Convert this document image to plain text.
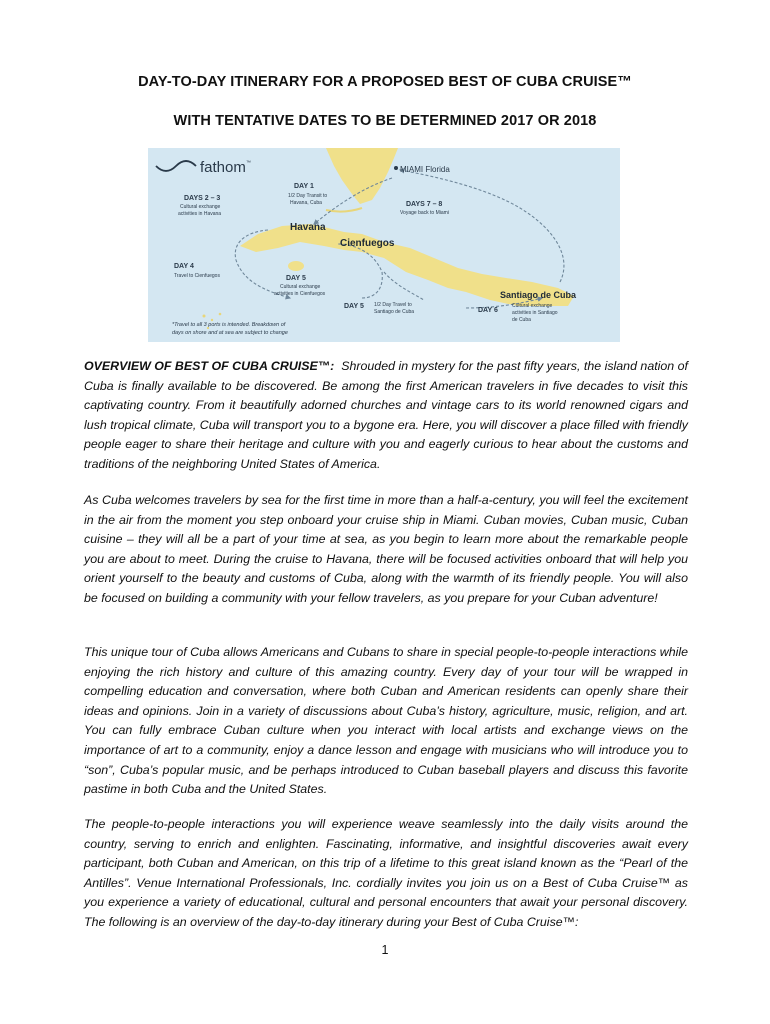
DAY-TO-DAY ITINERARY FOR A PROPOSED BEST OF CUBA CRUISE™
WITH TENTATIVE DATES TO BE DETERMINED 2017 OR 2018
fathom ™
MIAMI Florida
DAY 1
1/2 Day Transit to
Havana, Cuba
DAYS 2 – 3
Cultural exchange
activities in Havana
DAYS 7 – 8
Voyage back to Miami
Havana
Cienfuegos
Santiago de Cuba
DAY 4
Travel to Cienfuegos	DAY 5
Cultural exchange
activities in Cienfuegos
DAY 5 1/2 Day Travel to
Santiago de Cuba	DAY 6
Cultural exchange
activities in Santiago
de Cuba
*Travel to all 3 ports is intended. Breakdown of
days on shore and at sea are subject to change

OVERVIEW OF BEST OF CUBA CRUISE™: Shrouded in mystery for the past fifty years, the island nation of Cuba is finally available to be discovered. Be among the first American travelers in five decades to visit this captivating country. From it beautifully adorned churches and vintage cars to its world renowned cigars and lush tropical climate, Cuba will transport you to a bygone era. Here, you will discover a place filled with friendly people eager to share their heritage and culture with you and eagerly curious to hear about the customs and traditions of the neighboring United States of America.

As Cuba welcomes travelers by sea for the first time in more than a half-a-century, you will feel the excitement in the air from the moment you step onboard your cruise ship in Miami. Cuban movies, Cuban music, Cuban cuisine – they will all be a part of your time at sea, as you begin to learn more about the remarkable people you are about to meet. During the cruise to Havana, there will be focused activities onboard that will help you orient yourself to the beauty and customs of Cuba, along with the warmth of its friendly people. You will also be focused on building a community with your fellow travelers, as you prepare for your Cuban adventure!

This unique tour of Cuba allows Americans and Cubans to share in special people-to-people interactions while enjoying the rich history and culture of this amazing country. Every day of your tour will be wrapped in compelling education and conversation, where both Cuban and American residents can openly share their ideas and opinions. Join in a variety of discussions about Cuba’s history, agriculture, music, religion, and art. You can fully embrace Cuban culture when you interact with local artists and exchange views on the importance of art to a community, enjoy a dance lesson and engage with musicians who will introduce you to “son”, Cuba’s popular music, and be perhaps introduced to Cuban baseball players and discuss this favorite pastime in both Cuba and the United States.

The people-to-people interactions you will experience weave seamlessly into the daily visits around the country, serving to enrich and enlighten. Fascinating, informative, and insightful discoveries await every participant, both Cuban and American, on this trip of a lifetime to this great island known as the “Pearl of the Antilles”. Venue International Professionals, Inc. cordially invites you join us on a Best of Cuba Cruise™ as you experience a variety of educational, cultural and personal encounters that await your personal discovery. The following is an overview of the day-to-day itinerary during your Best of Cuba Cruise™:

1
